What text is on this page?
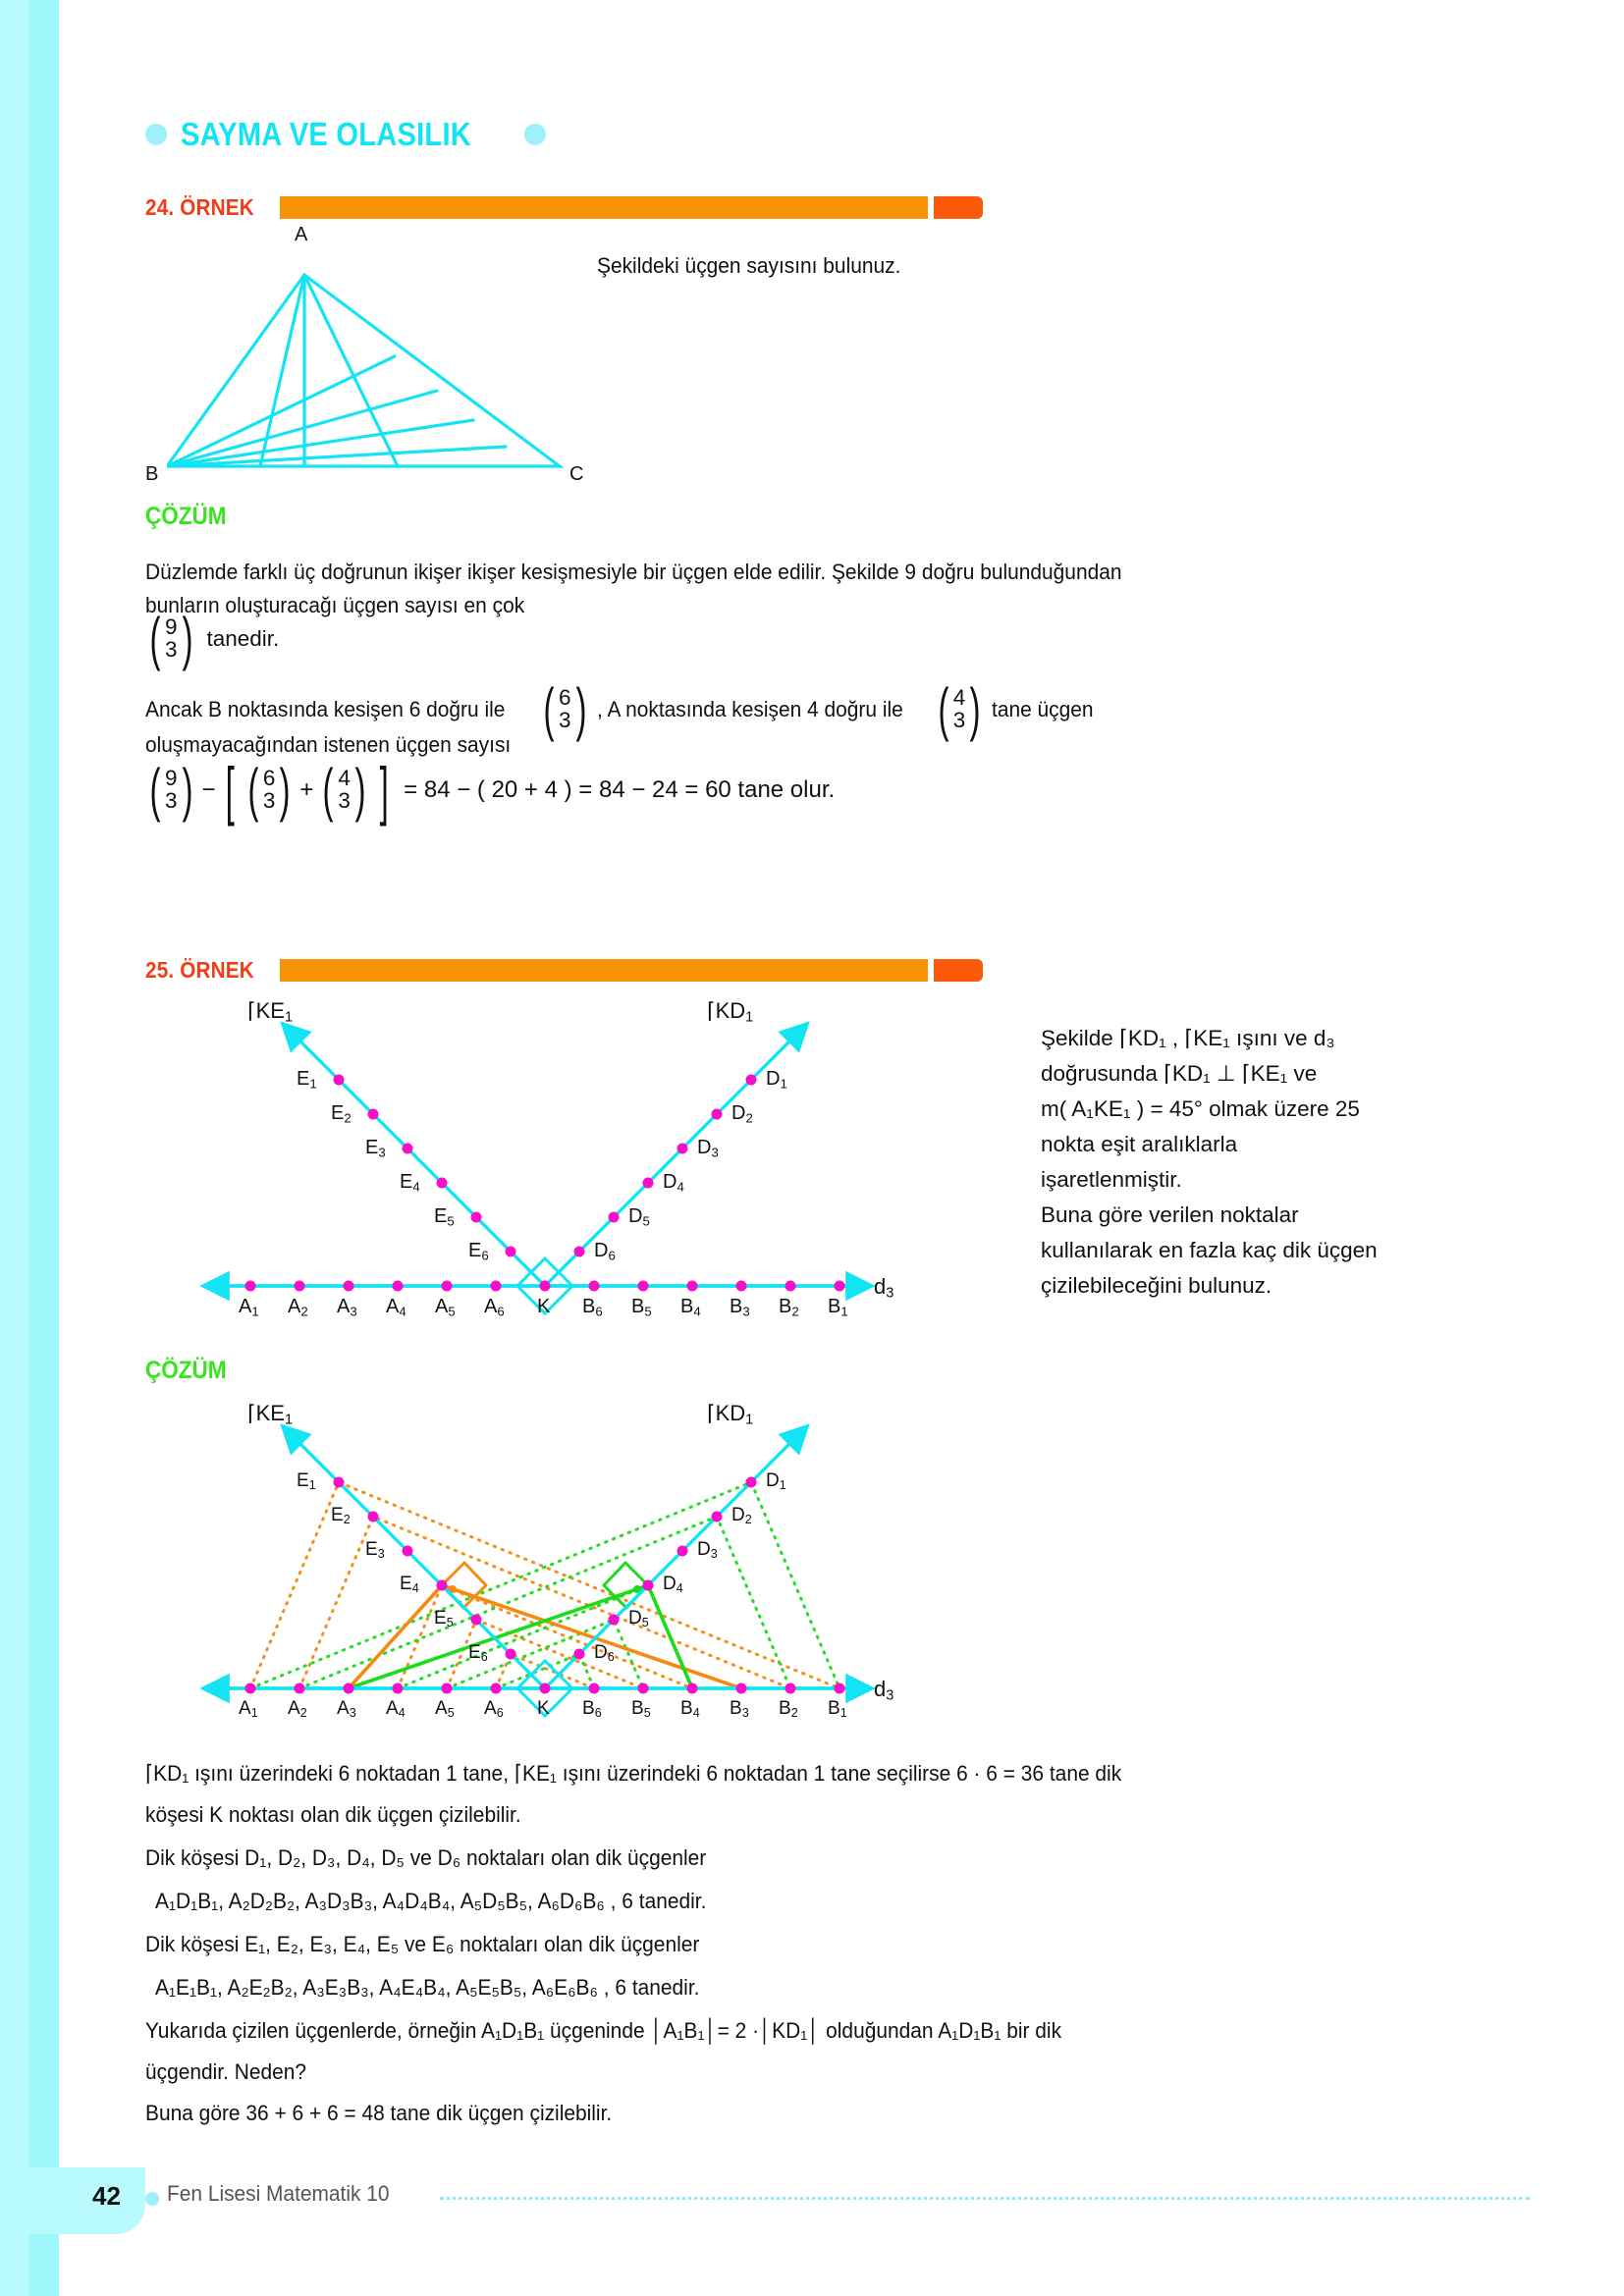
SAYMA VE OLASILIK
24. ÖRNEK
A
B	C
Şekildeki üçgen sayısını bulunuz.
ÇÖZÜM
Düzlemde farklı üç doğrunun ikişer ikişer kesişmesiyle bir üçgen elde edilir. Şekilde 9 doğru bulunduğundan
bunların oluşturacağı üçgen sayısı en çok
( 9
3 ) tanedir.
Ancak B noktasında kesişen 6 doğru ile ( 6
3 ) , A noktasında kesişen 4 doğru ile ( 4
3 ) tane üçgen
oluşmayacağından istenen üçgen sayısı
( 9
3 ) − [ ( 6
3 ) + ( 4
3 ) ] = 84 − ( 20 + 4 ) = 84 − 24 = 60 tane olur.
25. ÖRNEK
$⌈KE_1$	$⌈KD_1$
$d_3$
$E_1$
$E_2$
$E_3$
$E_4$
$E_5$
$E_6$
$D_1$
$D_2$
$D_3$
$D_4$
$D_5$
$D_6$
$A_1$ $A_2$ $A_3$ $A_4$ $A_5$ $A_6$ K $B_6$ $B_5$ $B_4$ $B_3$ $B_2$ $B_1$
Şekilde ⌈KD₁ , ⌈KE₁ ışını ve d₃
doğrusunda ⌈KD₁ ⊥ ⌈KE₁ ve
m( A₁KE₁ ) = 45° olmak üzere 25
nokta eşit aralıklarla
işaretlenmiştir.
Buna göre verilen noktalar
kullanılarak en fazla kaç dik üçgen
çizilebileceğini bulunuz.
ÇÖZÜM
$⌈KE_1$	$⌈KD_1$
$d_3$
$E_1$
$E_2$
$E_3$
$E_4$
$E_5$
$E_6$
$D_1$
$D_2$
$D_3$
$D_4$
$D_5$
$D_6$
$A_1$ $A_2$ $A_3$ $A_4$ $A_5$ $A_6$ K $B_6$ $B_5$ $B_4$ $B_3$ $B_2$ $B_1$
⌈KD₁ ışını üzerindeki 6 noktadan 1 tane, ⌈KE₁ ışını üzerindeki 6 noktadan 1 tane seçilirse 6 · 6 = 36 tane dik
köşesi K noktası olan dik üçgen çizilebilir.
Dik köşesi D₁, D₂, D₃, D₄, D₅ ve D₆ noktaları olan dik üçgenler
A₁D₁B₁, A₂D₂B₂, A₃D₃B₃, A₄D₄B₄, A₅D₅B₅, A₆D₆B₆ , 6 tanedir.
Dik köşesi E₁, E₂, E₃, E₄, E₅ ve E₆ noktaları olan dik üçgenler
A₁E₁B₁, A₂E₂B₂, A₃E₃B₃, A₄E₄B₄, A₅E₅B₅, A₆E₆B₆ , 6 tanedir.
Yukarıda çizilen üçgenlerde, örneğin A₁D₁B₁ üçgeninde │A₁B₁│= 2 ·│KD₁│ olduğundan A₁D₁B₁ bir dik
üçgendir. Neden?
Buna göre 36 + 6 + 6 = 48 tane dik üçgen çizilebilir.
42 Fen Lisesi Matematik 10
